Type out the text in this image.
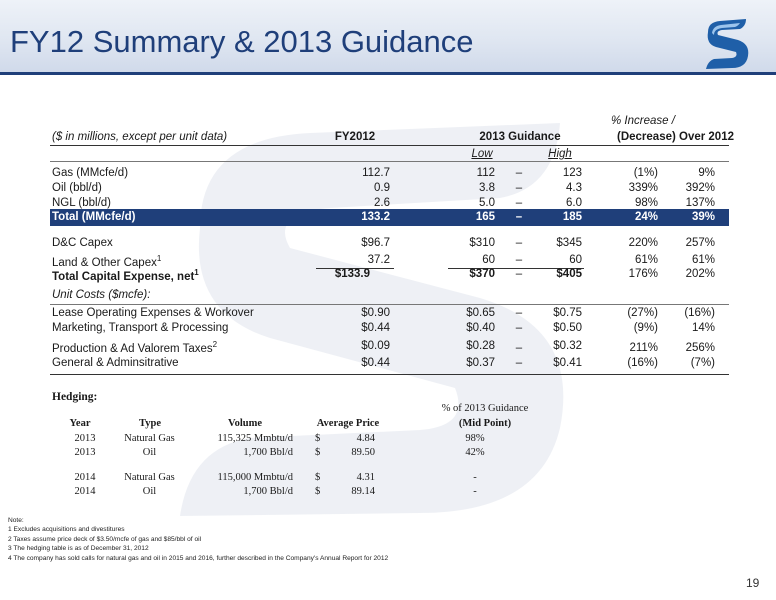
FY12 Summary & 2013 Guidance
% Increase /
($ in millions, except per unit data)	FY2012	2013 Guidance	(Decrease) Over 2012
Low	High
Gas (MMcfe/d)	112.7	112	–	123	(1%)	9%
Oil (bbl/d)	0.9	3.8	–	4.3	339%	392%
NGL (bbl/d)	2.6	5.0	–	6.0	98%	137%
Total (MMcfe/d)	133.2	165	–	185	24%	39%
D&C Capex	$96.7	$310	–	$345	220%	257%
Land & Other Capex$^1$	37.2	60	–	60	61%	61%
Total Capital Expense, net$^1$	$133.9	$370	–	$405	176%	202%
Unit Costs ($mcfe):
Lease Operating Expenses & Workover	$0.90	$0.65	–	$0.75	(27%)	(16%)
Marketing, Transport & Processing	$0.44	$0.40	–	$0.50	(9%)	14%
Production & Ad Valorem Taxes$^2$	$0.09	$0.28	–	$0.32	211%	256%
General & Adminsitrative	$0.44	$0.37	–	$0.41	(16%)	(7%)
Hedging:
% of 2013 Guidance
Year	Type	Volume	Average Price	(Mid Point)
2013	Natural Gas	115,325 Mmbtu/d $	4.84	98%
2013	Oil	1,700 Bbl/d $	89.50	42%
2014	Natural Gas	115,000 Mmbtu/d $	4.31	-
2014	Oil	1,700 Bbl/d $	89.14	-
Note:
1 Excludes acquisitions and divestitures
2 Taxes assume price deck of $3.50/mcfe of gas and $85/bbl of oil
3 The hedging table is as of December 31, 2012
4 The company has sold calls for natural gas and oil in 2015 and 2016, further described in the Company's Annual Report for 2012
19
